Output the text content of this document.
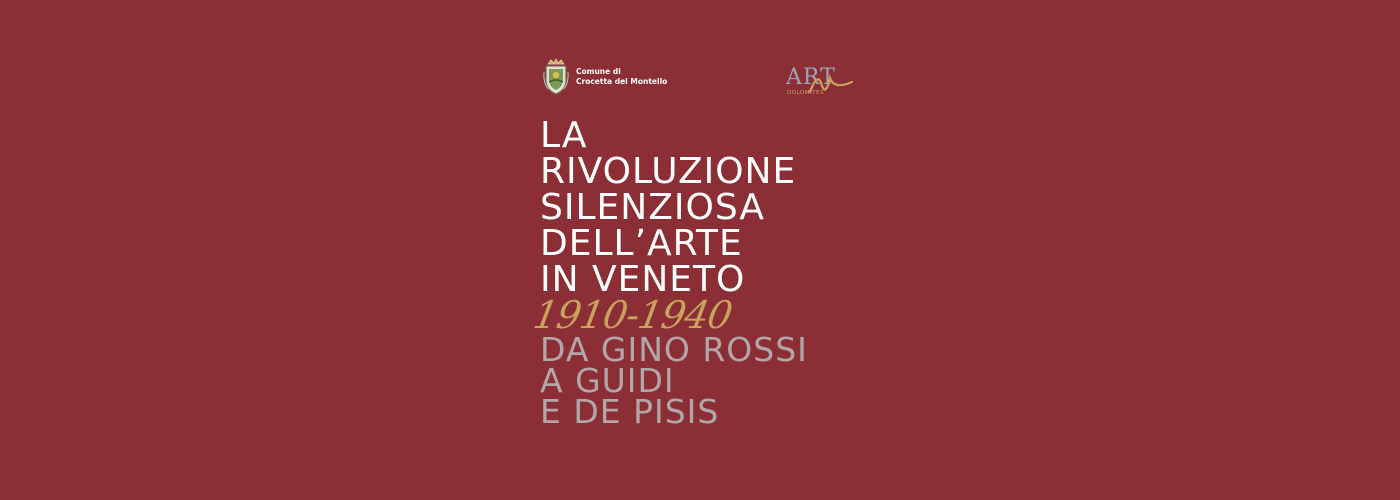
Comune di
Crocetta del Montello	ART
DOLOMITES
LA
RIVOLUZIONE
SILENZIOSA
DELL’ARTE
IN VENETO
1910-1940
DA GINO ROSSI
A GUIDI
E DE PISIS
